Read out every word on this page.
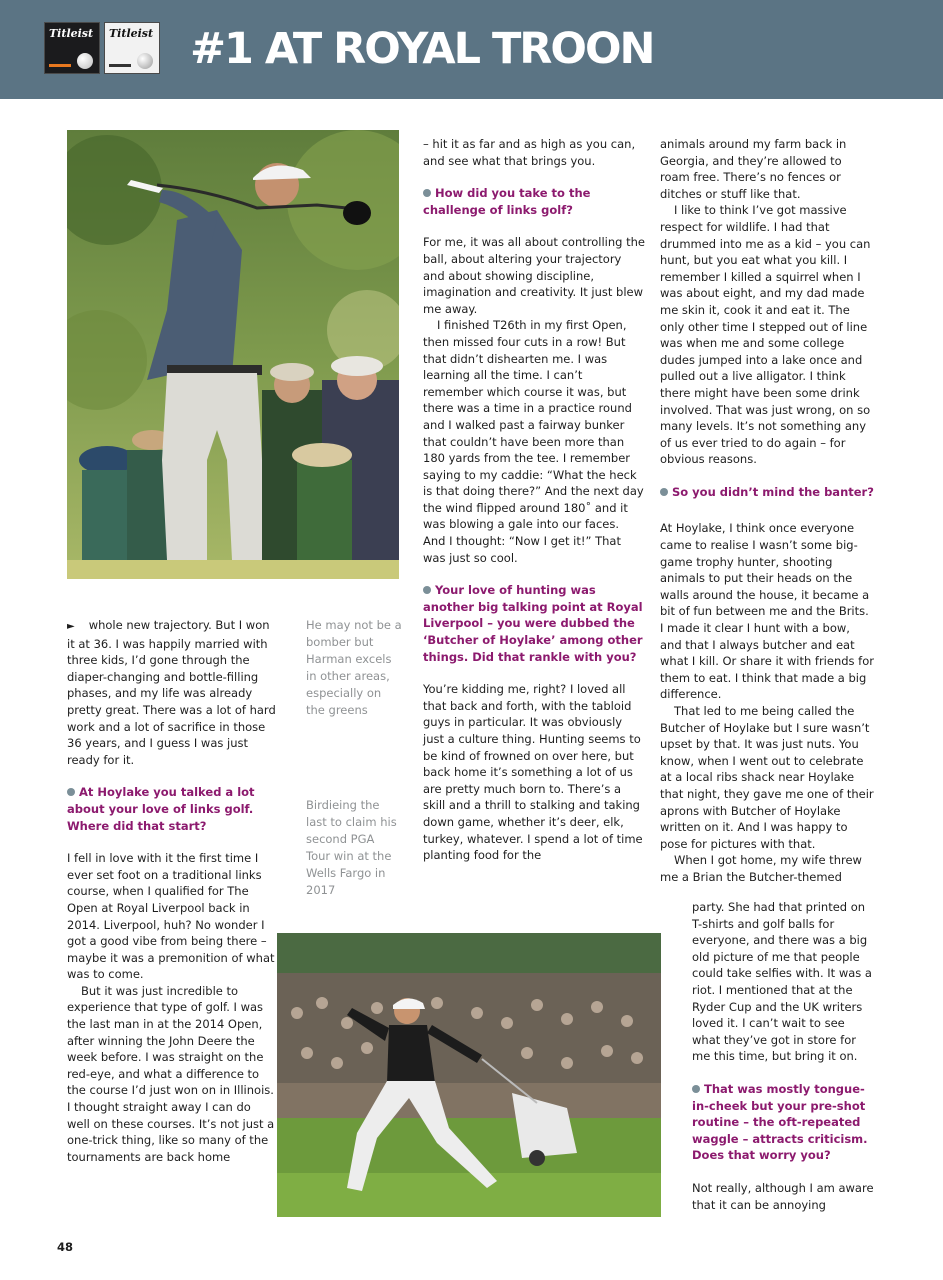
Titleist Titleist #1 AT ROYAL TROON

– hit it as far and as high as you can, and see what that brings you.

How did you take to the challenge of links golf?

For me, it was all about controlling the ball, about altering your trajectory and about showing discipline, imagination and creativity. It just blew me away.

I finished T26th in my first Open, then missed four cuts in a row! But that didn’t dishearten me. I was learning all the time. I can’t remember which course it was, but there was a time in a practice round and I walked past a fairway bunker that couldn’t have been more than 180 yards from the tee. I remember saying to my caddie: “What the heck is that doing there?” And the next day the wind flipped around 180˚ and it was blowing a gale into our faces. And I thought: “Now I get it!” That was just so cool.

Your love of hunting was another big talking point at Royal Liverpool – you were dubbed the ‘Butcher of Hoylake’ among other things. Did that rankle with you?

You’re kidding me, right? I loved all that back and forth, with the tabloid guys in particular. It was obviously just a culture thing. Hunting seems to be kind of frowned on over here, but back home it’s something a lot of us are pretty much born to. There’s a skill and a thrill to stalking and taking down game, whether it’s deer, elk, turkey, whatever. I spend a lot of time planting food for the

► whole new trajectory. But I won it at 36. I was happily married with three kids, I’d gone through the diaper-changing and bottle-filling phases, and my life was already pretty great. There was a lot of hard work and a lot of sacrifice in those 36 years, and I guess I was just ready for it.

At Hoylake you talked a lot about your love of links golf. Where did that start?

I fell in love with it the first time I ever set foot on a traditional links course, when I qualified for The Open at Royal Liverpool back in 2014. Liverpool, huh? No wonder I got a good vibe from being there – maybe it was a premonition of what was to come.

But it was just incredible to experience that type of golf. I was the last man in at the 2014 Open, after winning the John Deere the week before. I was straight on the red-eye, and what a difference to the course I’d just won on in Illinois. I thought straight away I can do well on these courses. It’s not just a one-trick thing, like so many of the tournaments are back home

He may not be a bomber but Harman excels in other areas, especially on the greens

Birdieing the last to claim his second PGA Tour win at the Wells Fargo in 2017

animals around my farm back in Georgia, and they’re allowed to roam free. There’s no fences or ditches or stuff like that.

I like to think I’ve got massive respect for wildlife. I had that drummed into me as a kid – you can hunt, but you eat what you kill. I remember I killed a squirrel when I was about eight, and my dad made me skin it, cook it and eat it. The only other time I stepped out of line was when me and some college dudes jumped into a lake once and pulled out a live alligator. I think there might have been some drink involved. That was just wrong, on so many levels. It’s not something any of us ever tried to do again – for obvious reasons.

So you didn’t mind the banter?

At Hoylake, I think once everyone came to realise I wasn’t some big-game trophy hunter, shooting animals to put their heads on the walls around the house, it became a bit of fun between me and the Brits. I made it clear I hunt with a bow, and that I always butcher and eat what I kill. Or share it with friends for them to eat. I think that made a big difference.

That led to me being called the Butcher of Hoylake but I sure wasn’t upset by that. It was just nuts. You know, when I went out to celebrate at a local ribs shack near Hoylake that night, they gave me one of their aprons with Butcher of Hoylake written on it. And I was happy to pose for pictures with that.

When I got home, my wife threw me a Brian the Butcher-themed

party. She had that printed on T-shirts and golf balls for everyone, and there was a big old picture of me that people could take selfies with. It was a riot. I mentioned that at the Ryder Cup and the UK writers loved it. I can’t wait to see what they’ve got in store for me this time, but bring it on.

That was mostly tongue-in-cheek but your pre-shot routine – the oft-repeated waggle – attracts criticism. Does that worry you?

Not really, although I am aware that it can be annoying

48
